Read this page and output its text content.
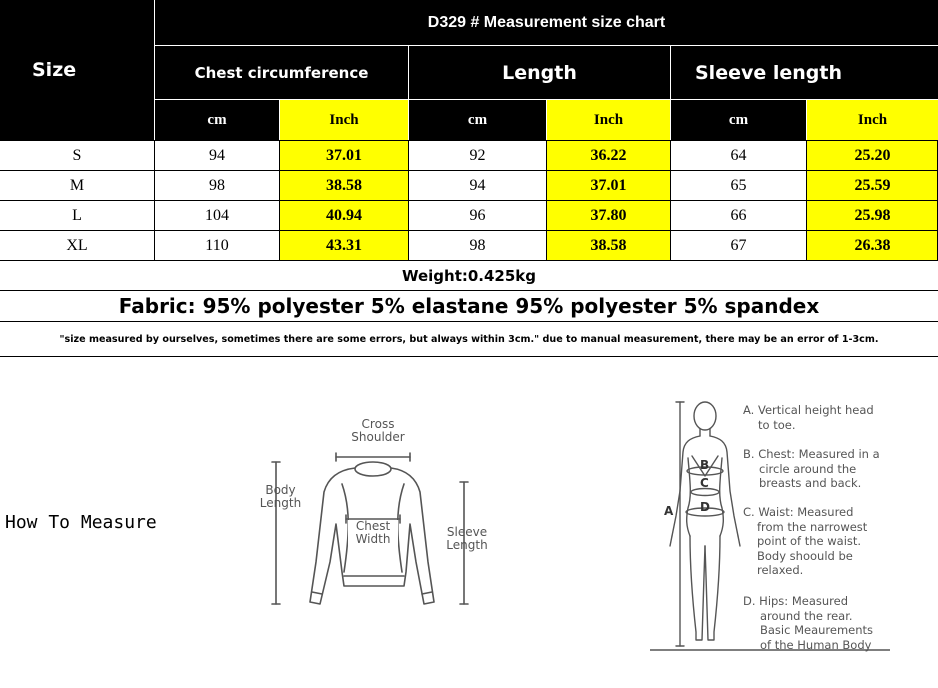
Size
D329 # Measurement size chart
Chest circumference	Length	Sleeve length
cm	Inch	cm	Inch	cm	Inch
S	94	37.01	92	36.22	64	25.20
M	98	38.58	94	37.01	65	25.59
L	104	40.94	96	37.80	66	25.98
XL	110	43.31	98	38.58	67	26.38
Weight:0.425kg
Fabric: 95% polyester 5% elastane 95% polyester 5% spandex
"size measured by ourselves, sometimes there are some errors, but always within 3cm." due to manual measurement, there may be an error of 1-3cm.
How To Measure
Cross
Shoulder
Body
Length
Chest
Width	Sleeve
Length
A
B
C
D
A. Vertical height head
to toe.
B. Chest: Measured in a
circle around the
breasts and back.
C. Waist: Measured
from the narrowest
point of the waist.
Body shoould be
relaxed.
D. Hips: Measured
around the rear.
Basic Meaurements
of the Human Body
